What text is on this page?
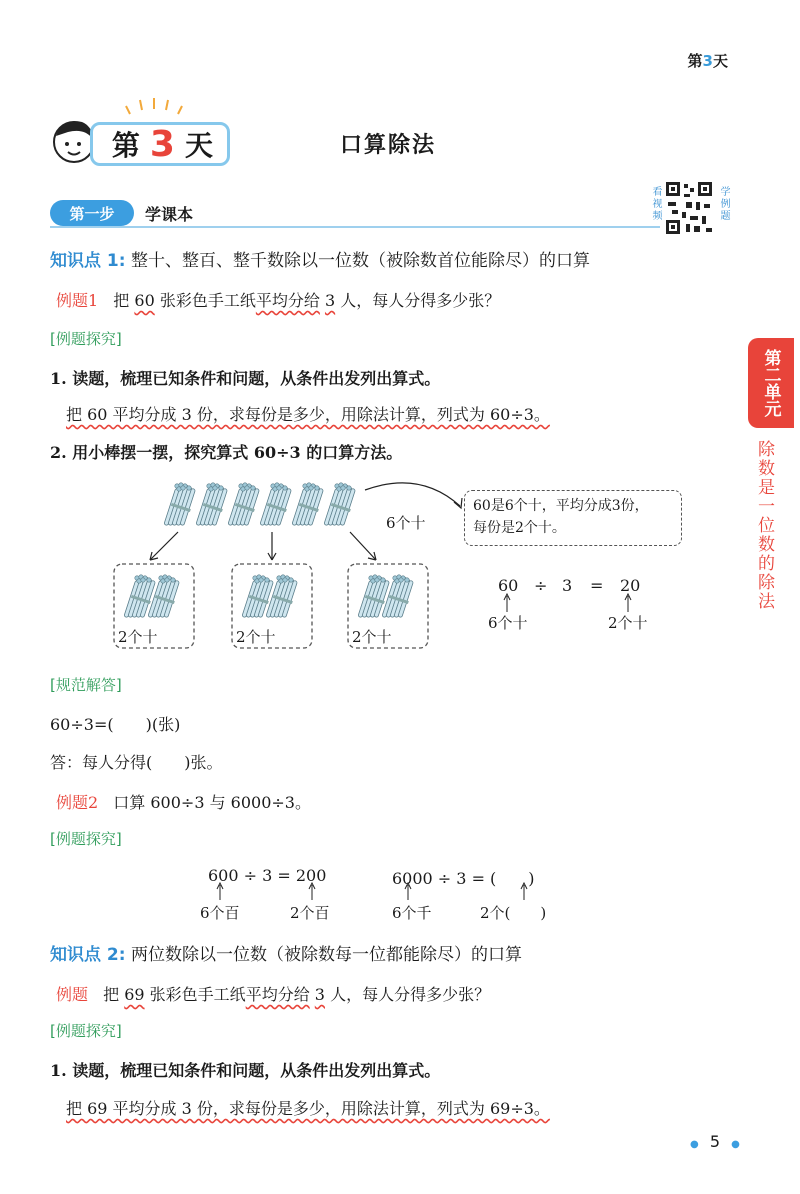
第3天
第 3 天	口算除法
第一步	学课本	看视频	学例题
第二单元
除数是一位数的除法
知识点 1: 整十、整百、整千数除以一位数（被除数首位能除尽）的口算
例题1 把 60 张彩色手工纸平均分给 3 人，每人分得多少张？
[例题探究]
1. 读题，梳理已知条件和问题，从条件出发列出算式。
把 60 平均分成 3 份，求每份是多少，用除法计算，列式为 60÷3。
2. 用小棒摆一摆，探究算式 60÷3 的口算方法。
6个十
60是6个十，平均分成3份，
每份是2个十。
2个十	2个十	2个十
60 ÷ 3 = 20
6个十	2个十
[规范解答]
60÷3=(　　)(张)
答：每人分得(　　)张。
例题2 口算 600÷3 与 6000÷3。
[例题探究]
600 ÷ 3 = 200
6个百	2个百
6000 ÷ 3 = (　　)
6个千	2个(　　)
知识点 2: 两位数除以一位数（被除数每一位都能除尽）的口算
例题 把 69 张彩色手工纸平均分给 3 人，每人分得多少张？
[例题探究]
1. 读题，梳理已知条件和问题，从条件出发列出算式。
把 69 平均分成 3 份，求每份是多少，用除法计算，列式为 69÷3。
● 5 ●
